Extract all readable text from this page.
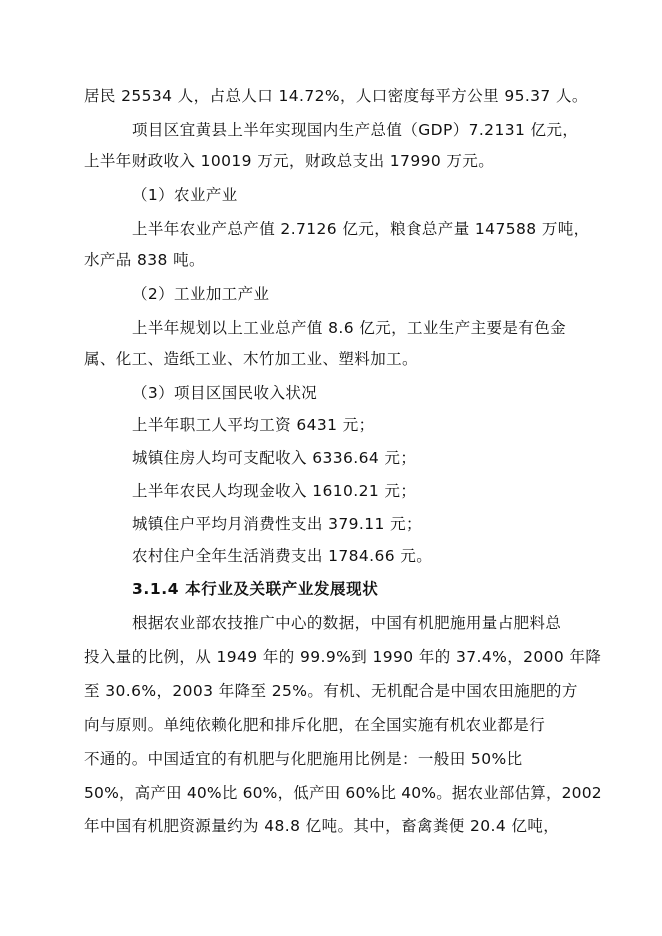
居民 25534 人，占总人口 14.72%，人口密度每平方公里 95.37 人。
项目区宜黄县上半年实现国内生产总值（GDP）7.2131 亿元，
上半年财政收入 10019 万元，财政总支出 17990 万元。
（1）农业产业
上半年农业产总产值 2.7126 亿元，粮食总产量 147588 万吨，
水产品 838 吨。
（2）工业加工产业
上半年规划以上工业总产值 8.6 亿元，工业生产主要是有色金
属、化工、造纸工业、木竹加工业、塑料加工。
（3）项目区国民收入状况
上半年职工人平均工资 6431 元；
城镇住房人均可支配收入 6336.64 元；
上半年农民人均现金收入 1610.21 元；
城镇住户平均月消费性支出 379.11 元；
农村住户全年生活消费支出 1784.66 元。
3.1.4 本行业及关联产业发展现状
根据农业部农技推广中心的数据，中国有机肥施用量占肥料总
投入量的比例，从 1949 年的 99.9%到 1990 年的 37.4%，2000 年降
至 30.6%，2003 年降至 25%。有机、无机配合是中国农田施肥的方
向与原则。单纯依赖化肥和排斥化肥，在全国实施有机农业都是行
不通的。中国适宜的有机肥与化肥施用比例是：一般田 50%比
50%，高产田 40%比 60%，低产田 60%比 40%。据农业部估算，2002
年中国有机肥资源量约为 48.8 亿吨。其中，畜禽粪便 20.4 亿吨，
